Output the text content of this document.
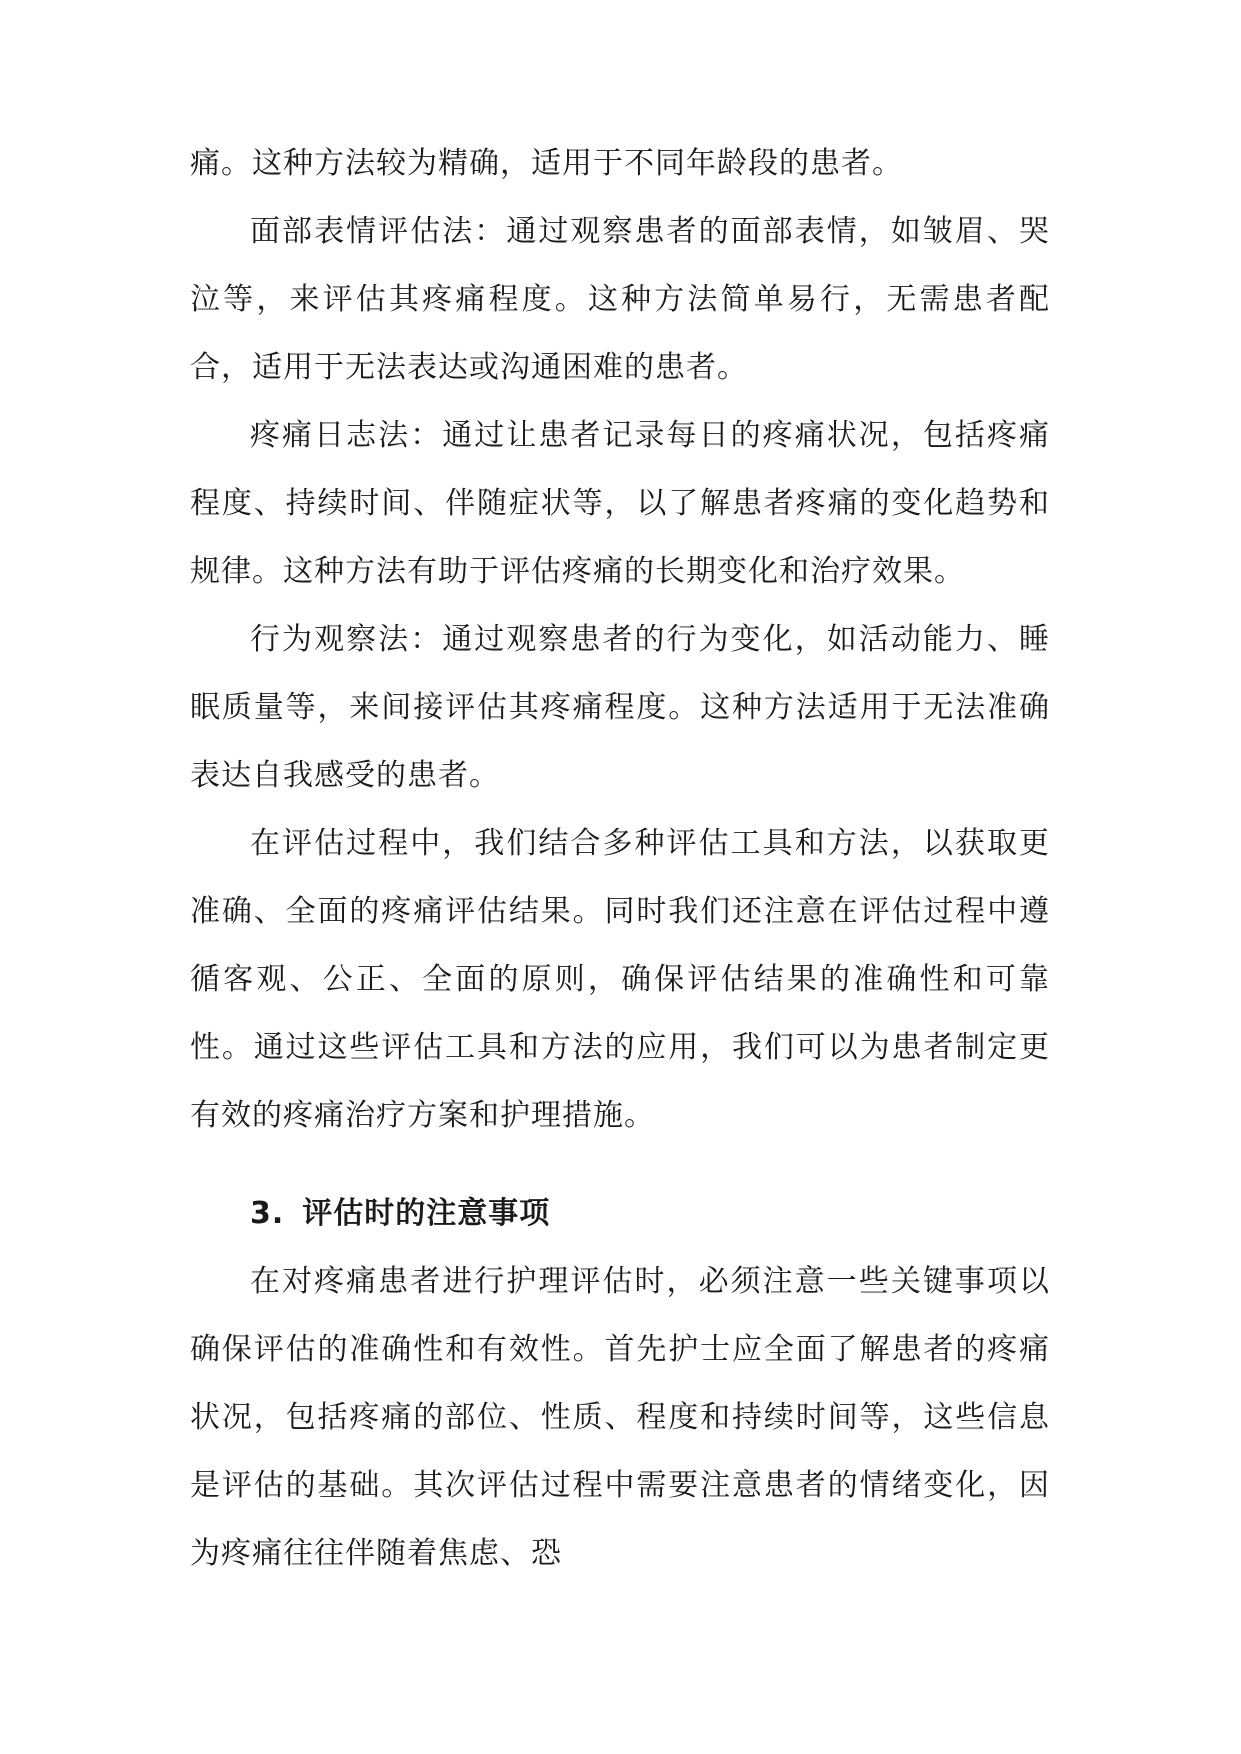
痛。这种方法较为精确，适用于不同年龄段的患者。

面部表情评估法：通过观察患者的面部表情，如皱眉、哭泣等，来评估其疼痛程度。这种方法简单易行，无需患者配合，适用于无法表达或沟通困难的患者。

疼痛日志法：通过让患者记录每日的疼痛状况，包括疼痛程度、持续时间、伴随症状等，以了解患者疼痛的变化趋势和规律。这种方法有助于评估疼痛的长期变化和治疗效果。

行为观察法：通过观察患者的行为变化，如活动能力、睡眠质量等，来间接评估其疼痛程度。这种方法适用于无法准确表达自我感受的患者。

在评估过程中，我们结合多种评估工具和方法，以获取更准确、全面的疼痛评估结果。同时我们还注意在评估过程中遵循客观、公正、全面的原则，确保评估结果的准确性和可靠性。通过这些评估工具和方法的应用，我们可以为患者制定更有效的疼痛治疗方案和护理措施。

3. 评估时的注意事项

在对疼痛患者进行护理评估时，必须注意一些关键事项以确保评估的准确性和有效性。首先护士应全面了解患者的疼痛状况，包括疼痛的部位、性质、程度和持续时间等，这些信息是评估的基础。其次评估过程中需要注意患者的情绪变化，因为疼痛往往伴随着焦虑、恐
